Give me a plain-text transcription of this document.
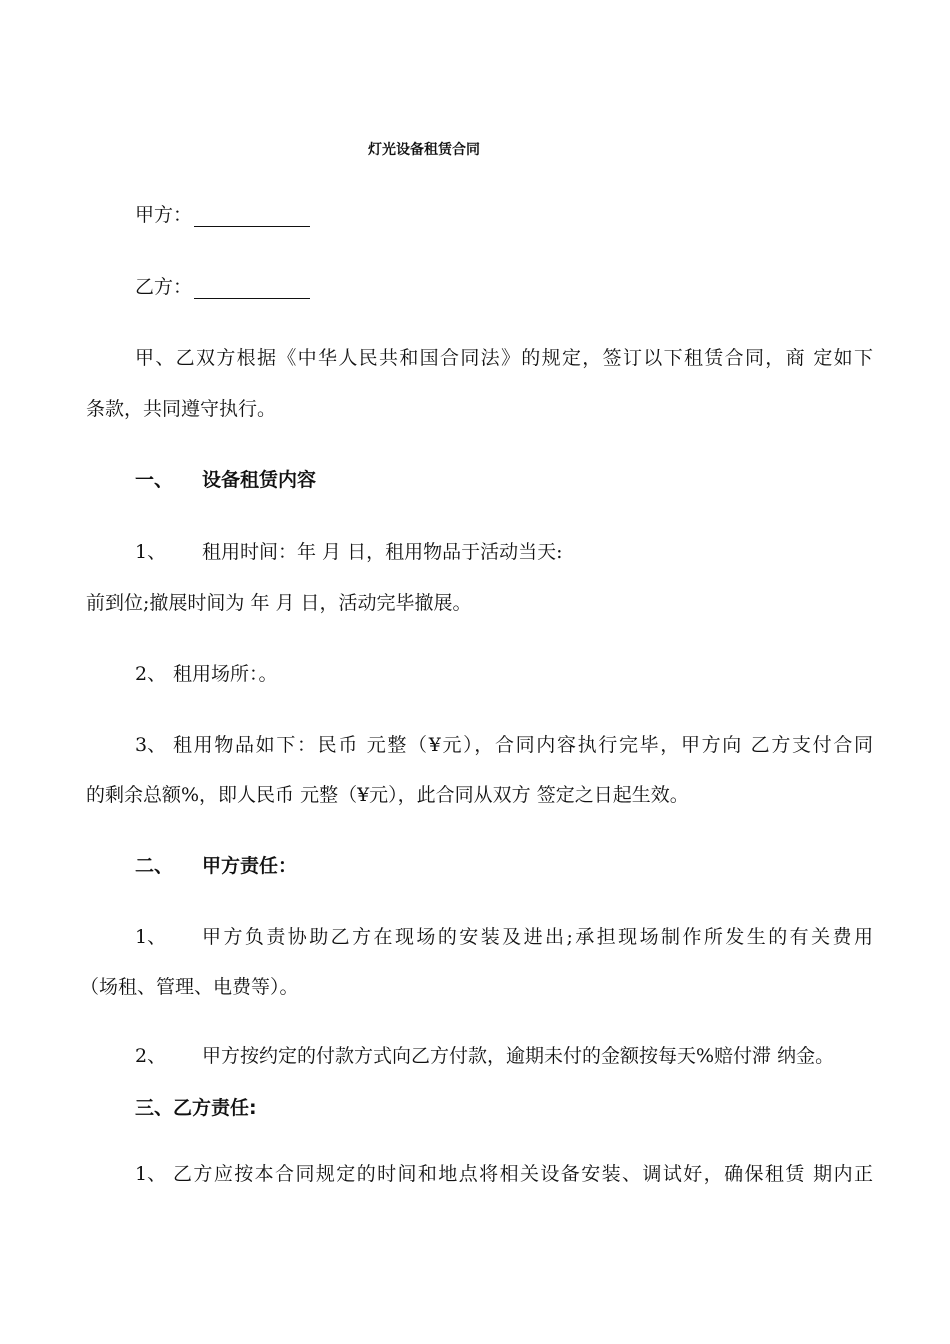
灯光设备租赁合同
甲方：
乙方：
甲、乙双方根据《中华人民共和国合同法》的规定，签订以下租赁合同，商 定如下
条款，共同遵守执行。
一、 设备租赁内容
1、 租用时间：年 月 日，租用物品于活动当天:
前到位;撤展时间为 年 月 日，活动完毕撤展。
2、 租用场所：。
3、 租用物品如下：民币 元整（¥元），合同内容执行完毕，甲方向 乙方支付合同
的剩余总额%，即人民币 元整（¥元），此合同从双方 签定之日起生效。
二、 甲方责任：
1、 甲方负责协助乙方在现场的安装及进出;承担现场制作所发生的有关费用
（场租、管理、电费等）。
2、 甲方按约定的付款方式向乙方付款，逾期未付的金额按每天%赔付滞 纳金。
三、乙方责任:
1、 乙方应按本合同规定的时间和地点将相关设备安装、调试好，确保租赁 期内正
